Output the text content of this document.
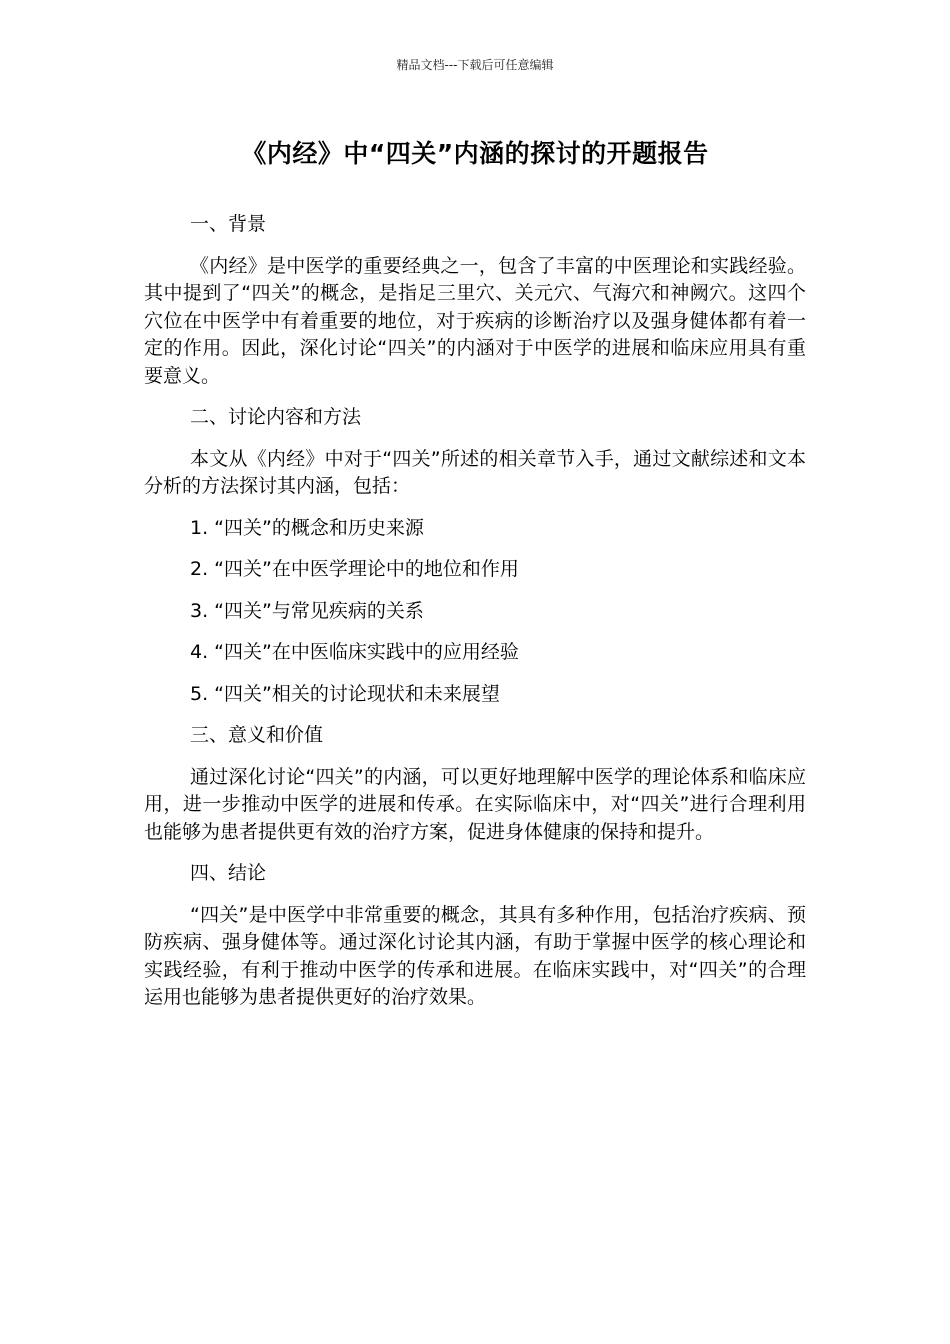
精品文档---下载后可任意编辑
《内经》中“四关”内涵的探讨的开题报告

一、背景

《内经》是中医学的重要经典之一，包含了丰富的中医理论和实践经验。其中提到了“四关”的概念，是指足三里穴、关元穴、气海穴和神阙穴。这四个穴位在中医学中有着重要的地位，对于疾病的诊断治疗以及强身健体都有着一定的作用。因此，深化讨论“四关”的内涵对于中医学的进展和临床应用具有重要意义。

二、讨论内容和方法

本文从《内经》中对于“四关”所述的相关章节入手，通过文献综述和文本分析的方法探讨其内涵，包括：

1. “四关”的概念和历史来源
2. “四关”在中医学理论中的地位和作用
3. “四关”与常见疾病的关系
4. “四关”在中医临床实践中的应用经验
5. “四关”相关的讨论现状和未来展望

三、意义和价值

通过深化讨论“四关”的内涵，可以更好地理解中医学的理论体系和临床应用，进一步推动中医学的进展和传承。在实际临床中，对“四关”进行合理利用也能够为患者提供更有效的治疗方案，促进身体健康的保持和提升。

四、结论

“四关”是中医学中非常重要的概念，其具有多种作用，包括治疗疾病、预防疾病、强身健体等。通过深化讨论其内涵，有助于掌握中医学的核心理论和实践经验，有利于推动中医学的传承和进展。在临床实践中，对“四关”的合理运用也能够为患者提供更好的治疗效果。
